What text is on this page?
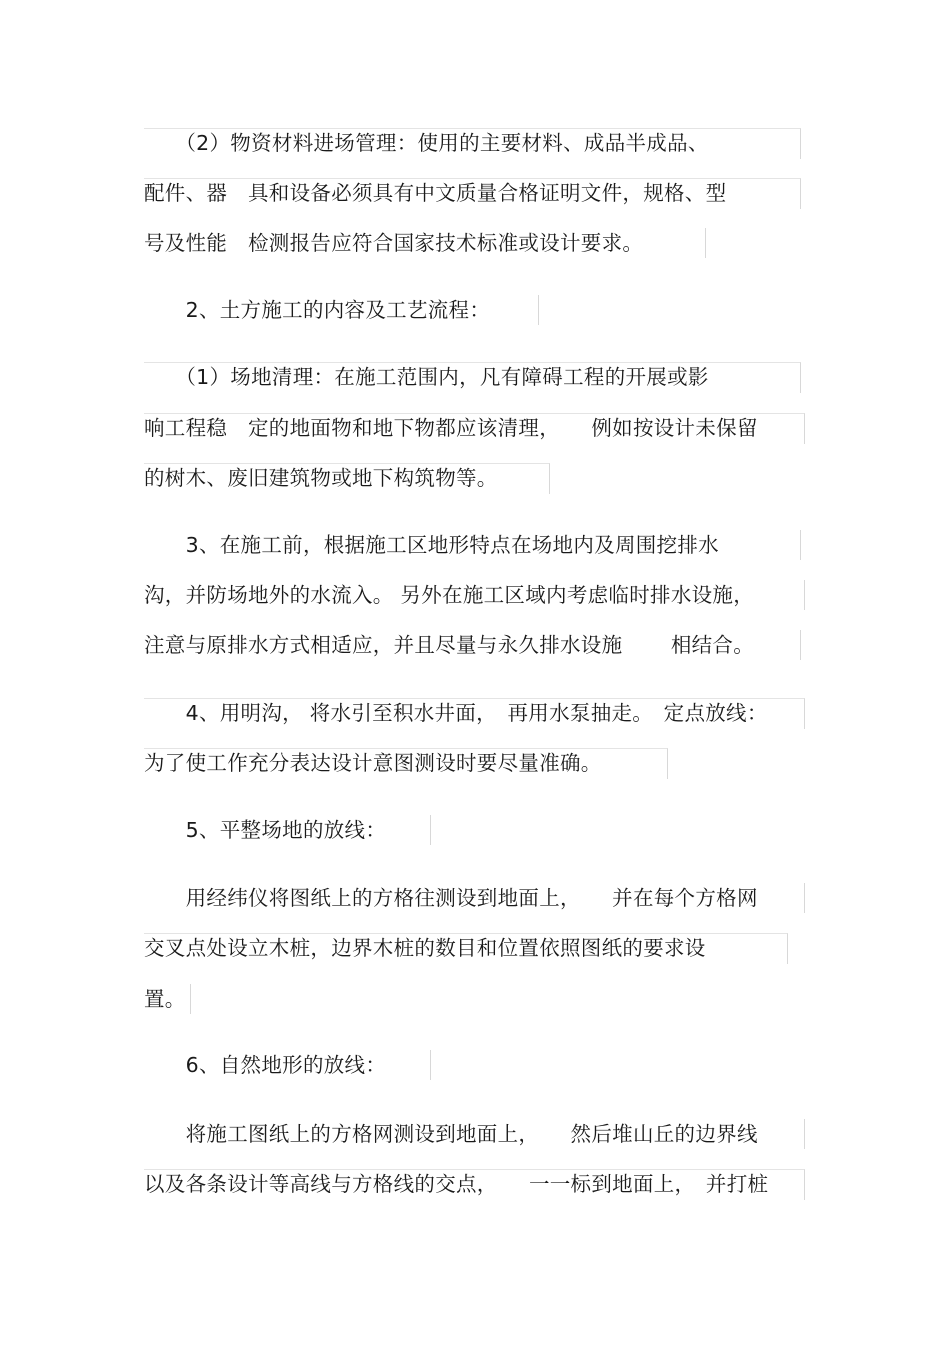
　　（2）物资材料进场管理：使用的主要材料、成品半成品、
配件、器　具和设备必须具有中文质量合格证明文件，规格、型
号及性能　检测报告应符合国家技术标准或设计要求。
　　2、土方施工的内容及工艺流程：
　　（1）场地清理：在施工范围内，凡有障碍工程的开展或影
响工程稳　定的地面物和地下物都应该清理，　　例如按设计未保留
的树木、废旧建筑物或地下构筑物等。
　　3、在施工前，根据施工区地形特点在场地内及周围挖排水
沟，并防场地外的水流入。 另外在施工区域内考虑临时排水设施，
注意与原排水方式相适应，并且尽量与永久排水设施　　 相结合。
　　4、用明沟， 将水引至积水井面，　再用水泵抽走。　定点放线：
为了使工作充分表达设计意图测设时要尽量准确。
　　5、平整场地的放线：
　　用经纬仪将图纸上的方格往测设到地面上，　　并在每个方格网
交叉点处设立木桩，边界木桩的数目和位置依照图纸的要求设
置。
　　6、自然地形的放线：
　　将施工图纸上的方格网测设到地面上，　　然后堆山丘的边界线
以及各条设计等高线与方格线的交点，　　一一标到地面上，　并打桩
